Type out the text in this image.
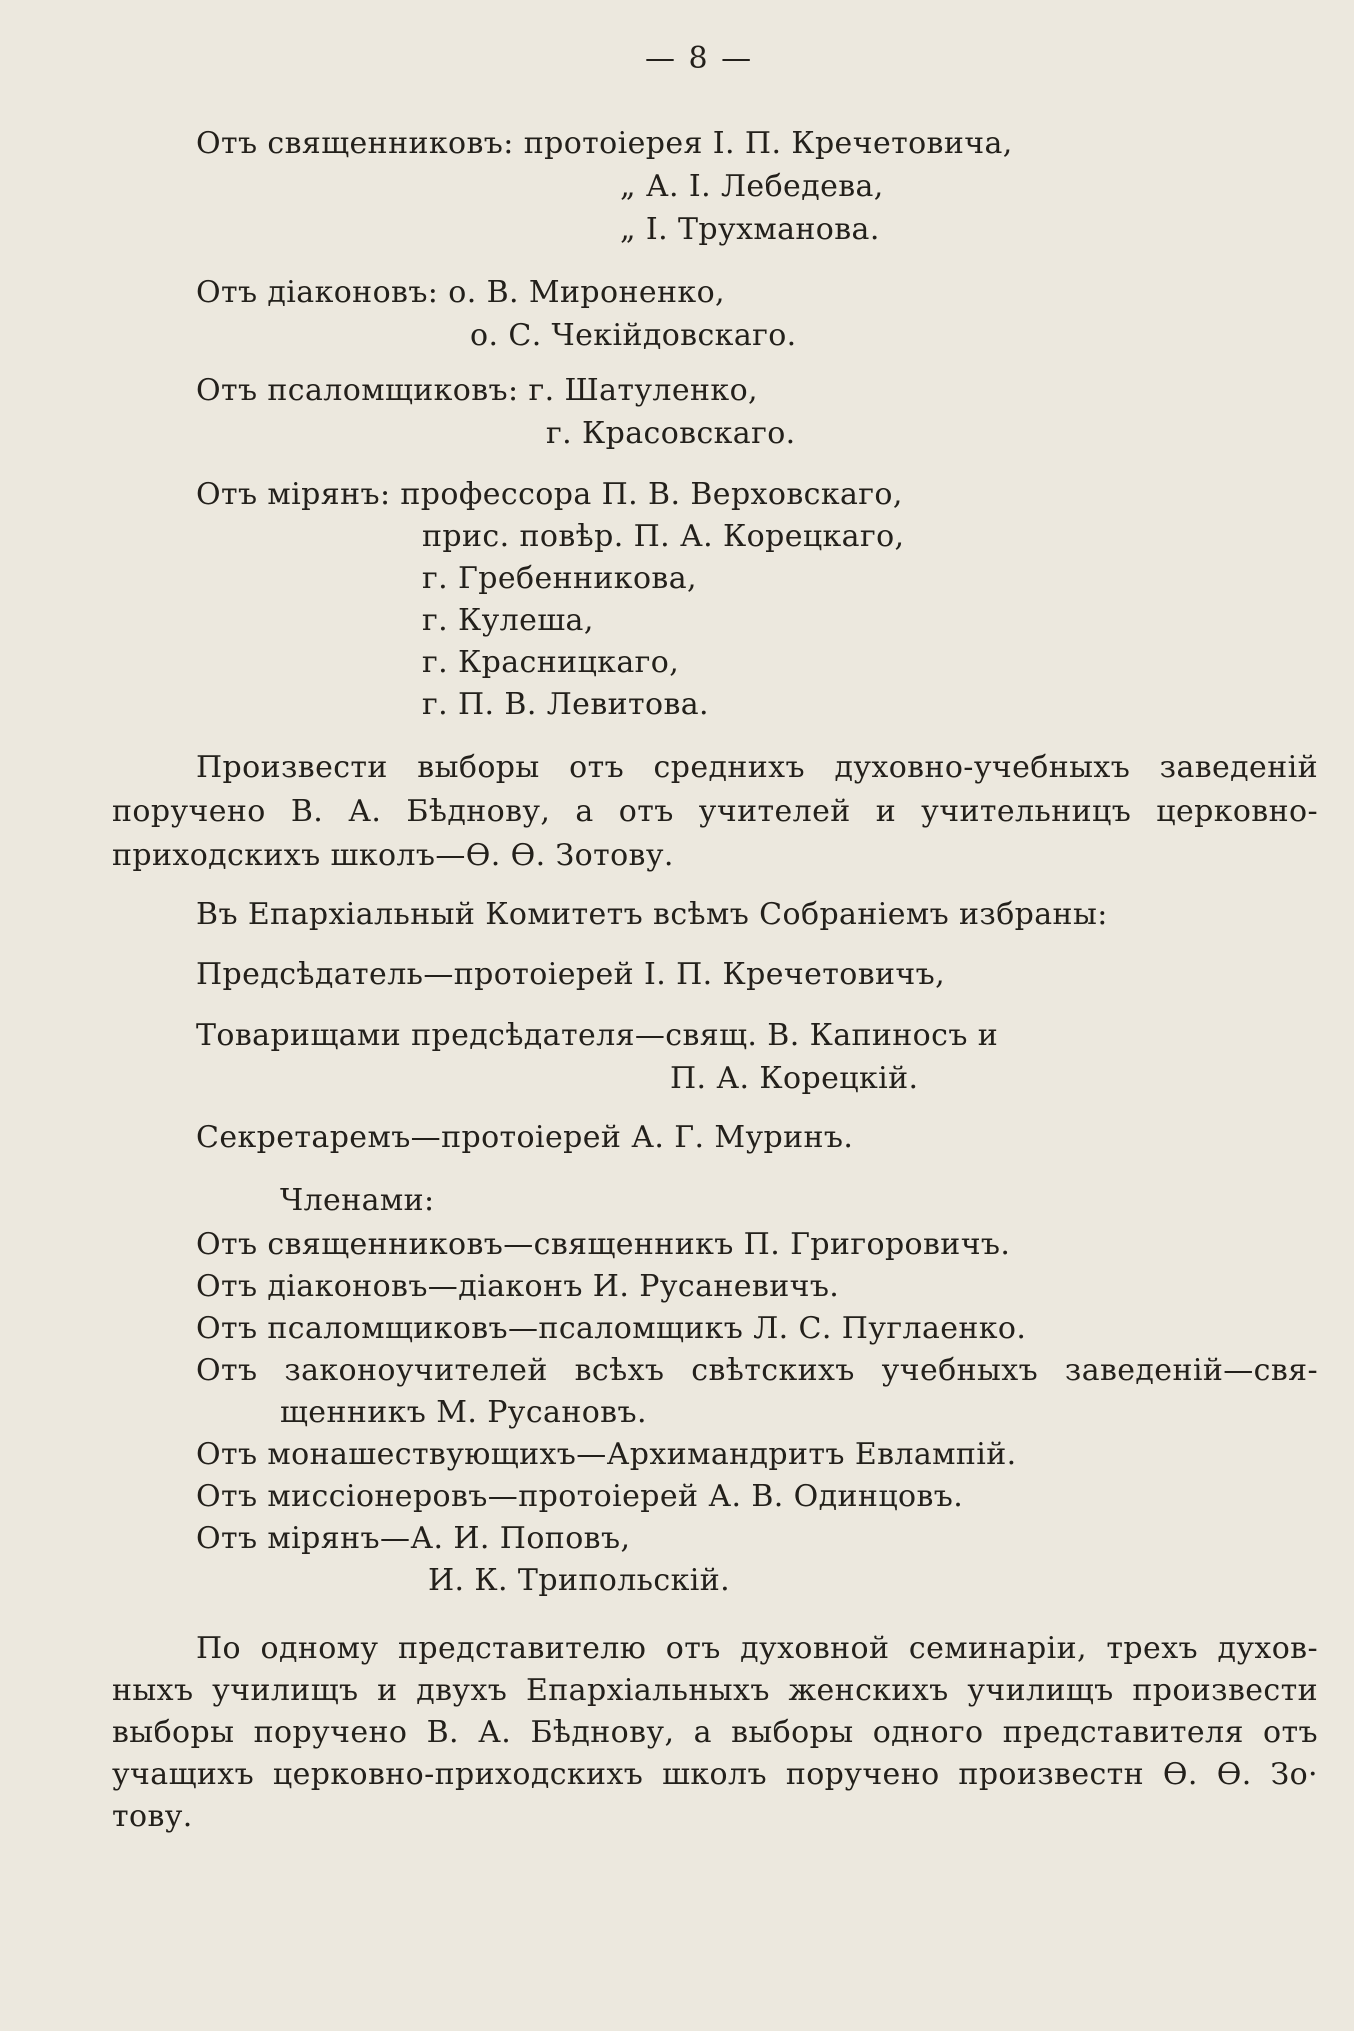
— 8 —
Отъ священниковъ: протоіерея І. П. Кречетовича,
„ А. І. Лебедева,
„ І. Трухманова.
Отъ діаконовъ: о. В. Мироненко,
о. С. Чекійдовскаго.
Отъ псаломщиковъ: г. Шатуленко,
г. Красовскаго.
Отъ мірянъ: профессора П. В. Верховскаго,
прис. повѣр. П. А. Корецкаго,
г. Гребенникова,
г. Кулеша,
г. Красницкаго,
г. П. В. Левитова.
Произвести выборы отъ среднихъ духовно-учебныхъ заведеній
поручено В. А. Бѣднову, а отъ учителей и учительницъ церковно-
приходскихъ школъ—Ѳ. Ѳ. Зотову.
Въ Епархіальный Комитетъ всѣмъ Собраніемъ избраны:
Предсѣдатель—протоіерей І. П. Кречетовичъ,
Товарищами предсѣдателя—свящ. В. Капиносъ и
П. А. Корецкій.
Секретаремъ—протоіерей А. Г. Муринъ.
Членами:
Отъ священниковъ—священникъ П. Григоровичъ.
Отъ діаконовъ—діаконъ И. Русаневичъ.
Отъ псаломщиковъ—псаломщикъ Л. С. Пуглаенко.
Отъ законоучителей всѣхъ свѣтскихъ учебныхъ заведеній—свя-
щенникъ М. Русановъ.
Отъ монашествующихъ—Архимандритъ Евлампій.
Отъ миссіонеровъ—протоіерей А. В. Одинцовъ.
Отъ мірянъ—А. И. Поповъ,
И. К. Трипольскій.
По одному представителю отъ духовной семинаріи, трехъ духов-
ныхъ училищъ и двухъ Епархіальныхъ женскихъ училищъ произвести
выборы поручено В. А. Бѣднову, а выборы одного представителя отъ
учащихъ церковно-приходскихъ школъ поручено произвестн Ѳ. Ѳ. Зо·
тову.
